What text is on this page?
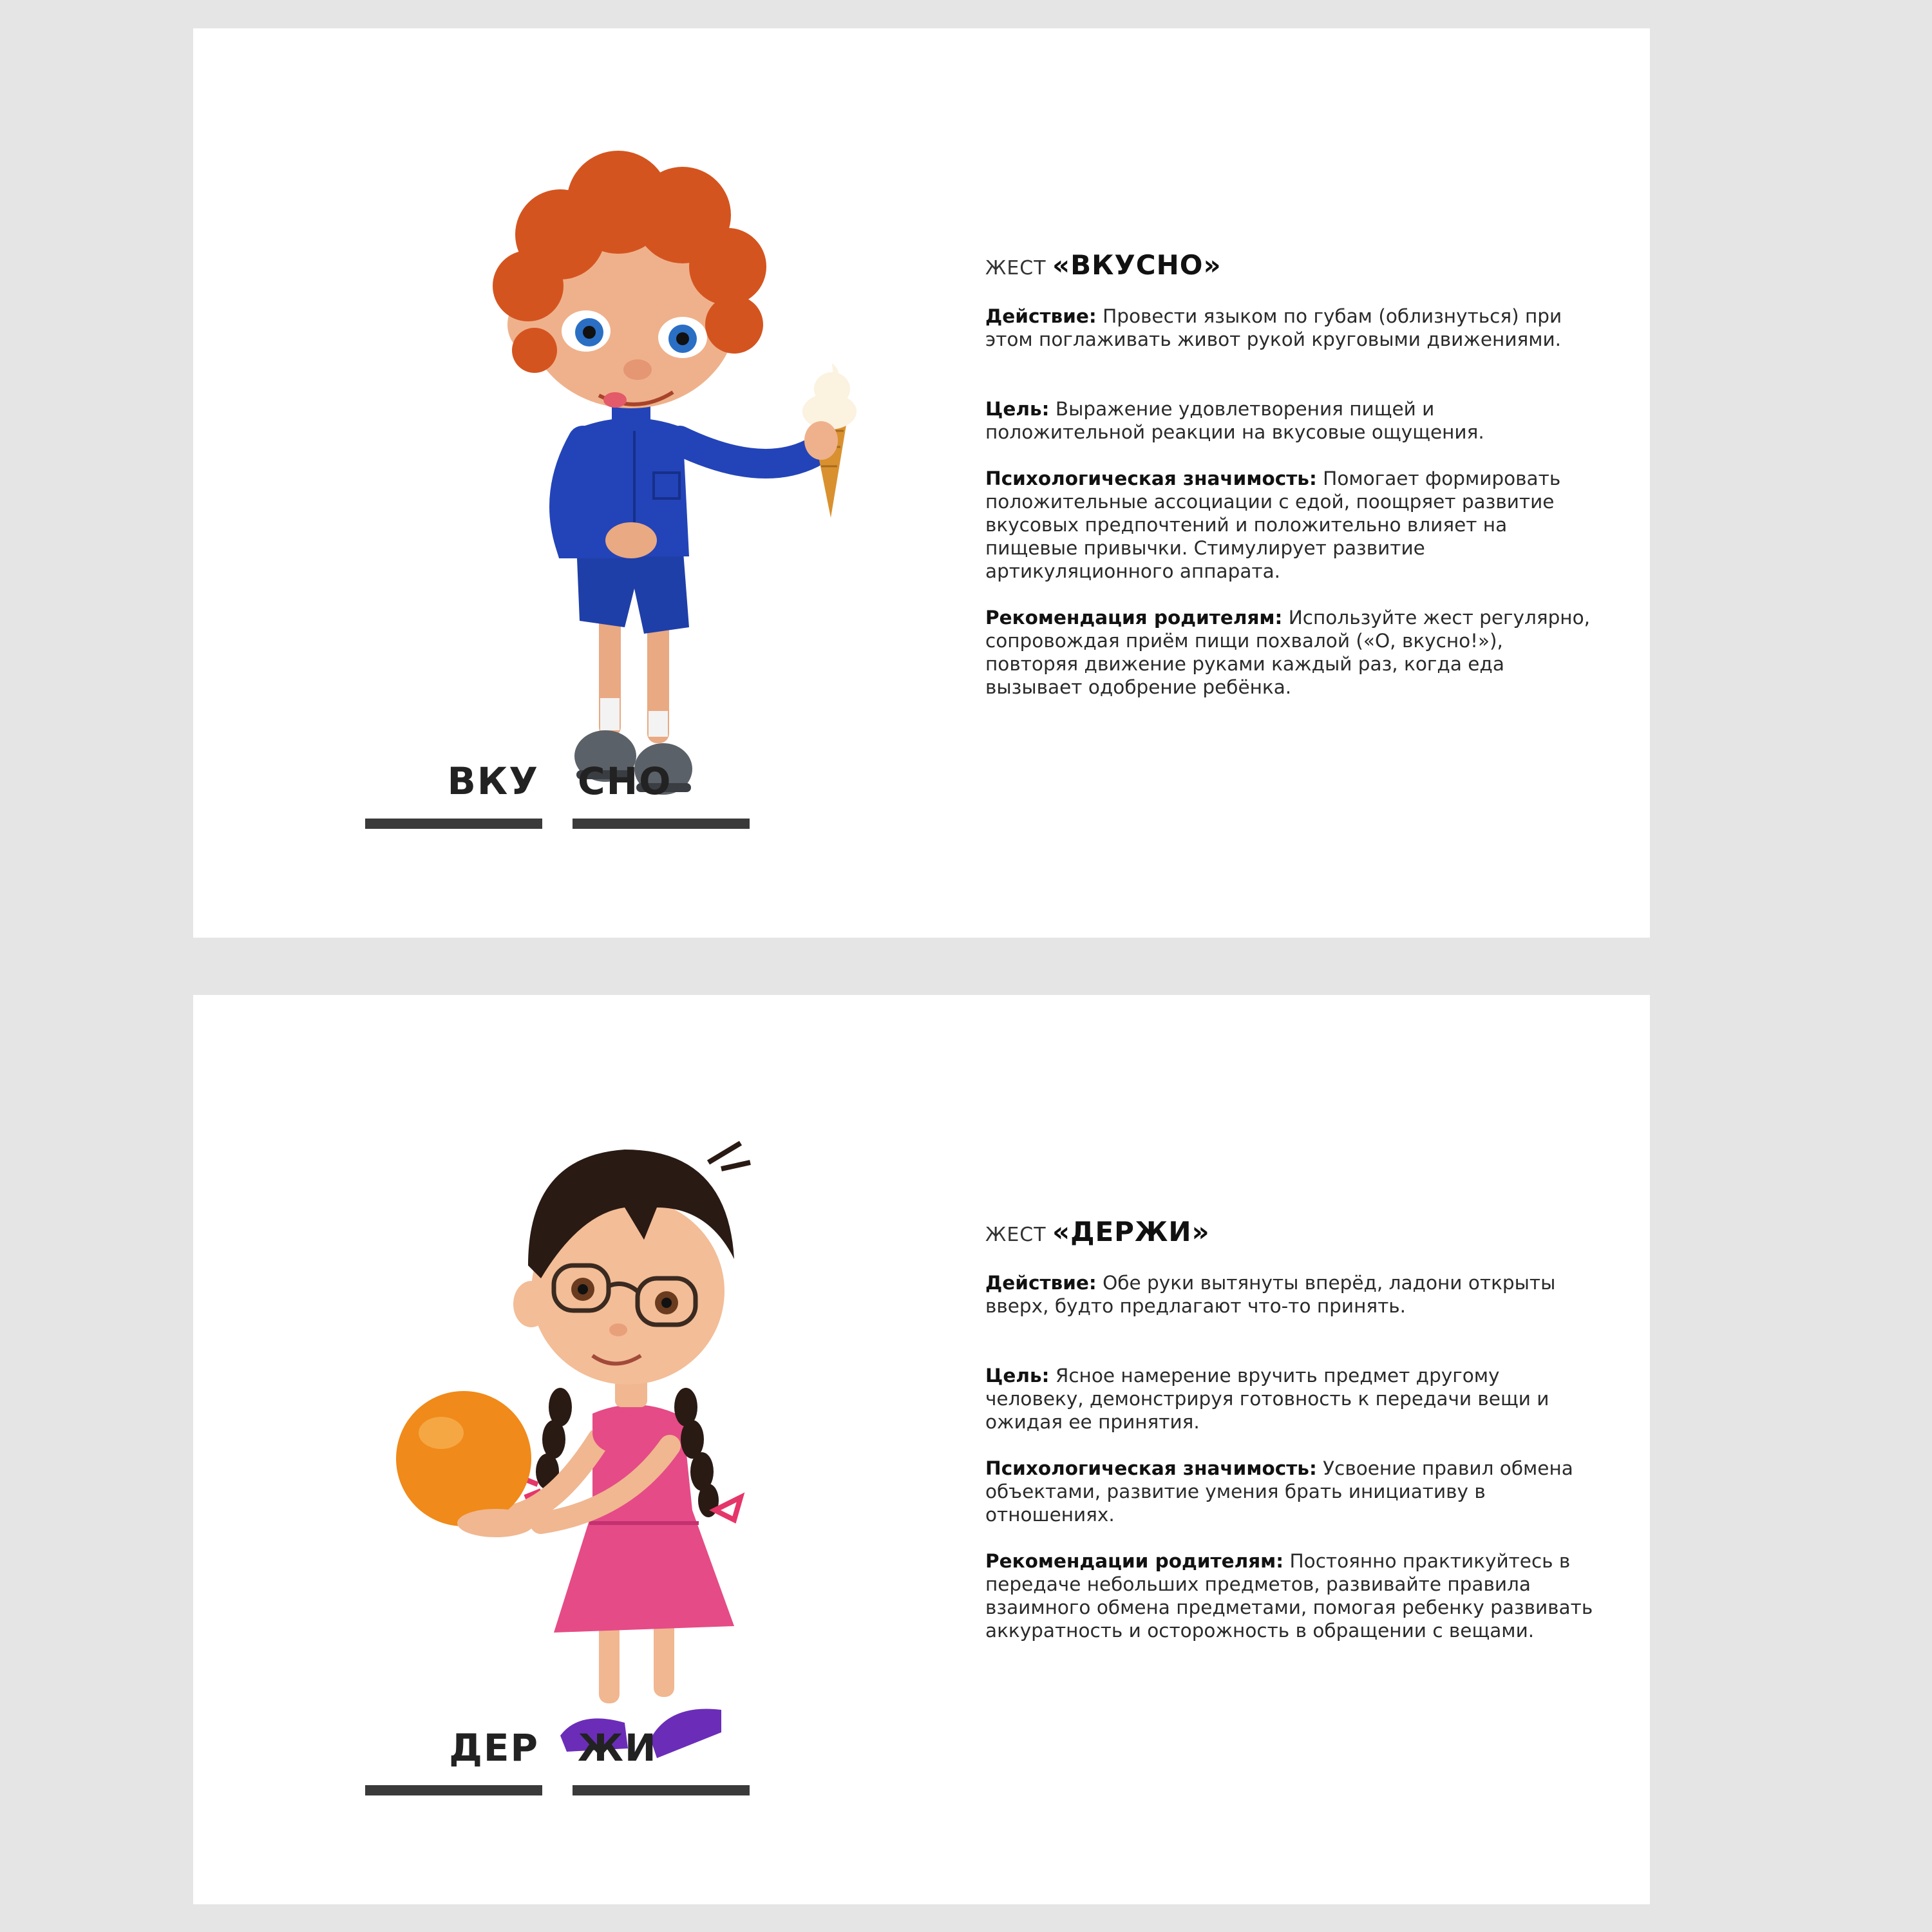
ВКУ СНО

ЖЕСТ «ВКУСНО»

Действие: Провести языком по губам (облизнуться) при этом поглаживать живот рукой круговыми движениями.

Цель: Выражение удовлетворения пищей и положительной реакции на вкусовые ощущения.

Психологическая значимость: Помогает формировать положительные ассоциации с едой, поощряет развитие вкусовых предпочтений и положительно влияет на пищевые привычки. Стимулирует развитие артикуляционного аппарата.

Рекомендация родителям: Используйте жест регулярно, сопровождая приём пищи похвалой («О, вкусно!»), повторяя движение руками каждый раз, когда еда вызывает одобрение ребёнка.

ДЕР ЖИ

ЖЕСТ «ДЕРЖИ»

Действие: Обе руки вытянуты вперёд, ладони открыты вверх, будто предлагают что-то принять.

Цель: Ясное намерение вручить предмет другому человеку, демонстрируя готовность к передачи вещи и ожидая ее принятия.

Психологическая значимость: Усвоение правил обмена объектами, развитие умения брать инициативу в отношениях.

Рекомендации родителям: Постоянно практикуйтесь в передаче небольших предметов, развивайте правила взаимного обмена предметами, помогая ребенку развивать аккуратность и осторожность в обращении с вещами.
